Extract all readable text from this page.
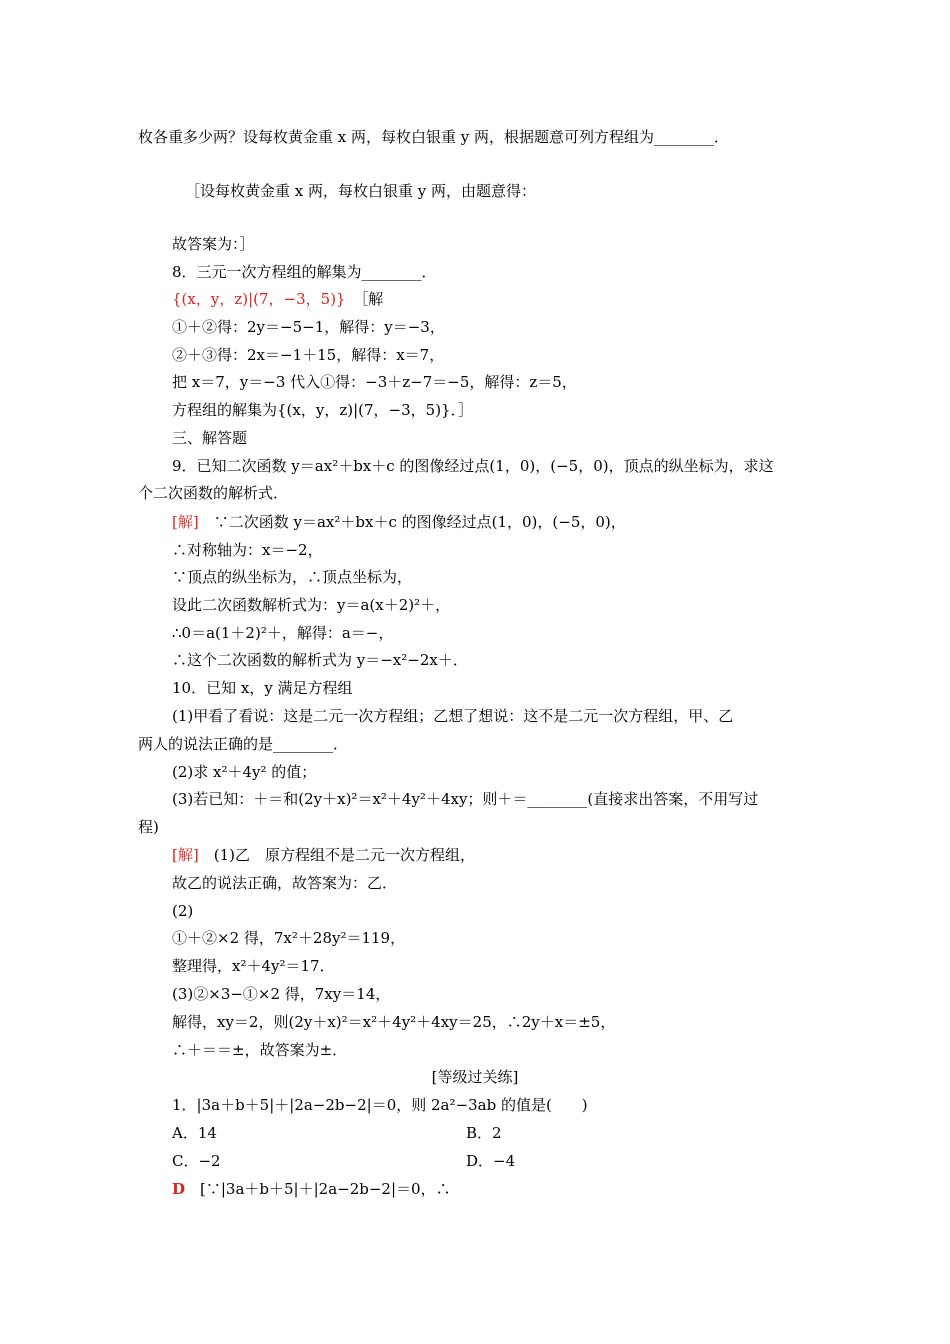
枚各重多少两？设每枚黄金重 x 两，每枚白银重 y 两，根据题意可列方程组为________．
［设每枚黄金重 x 两，每枚白银重 y 两，由题意得：
故答案为：］
8．三元一次方程组的解集为________．
{(x，y，z)|(7，−3，5)}　［解
①＋②得：2y＝−5−1，解得：y＝−3，
②＋③得：2x＝−1＋15，解得：x＝7，
把 x＝7，y＝−3 代入①得：−3＋z−7＝−5，解得：z＝5，
方程组的解集为{(x，y，z)|(7，−3，5)}．］
三、解答题
9．已知二次函数 y＝ax²＋bx＋c 的图像经过点(1，0)，(−5，0)，顶点的纵坐标为，求这
个二次函数的解析式．
[解]　∵二次函数 y＝ax²＋bx＋c 的图像经过点(1，0)，(−5，0)，
∴对称轴为：x＝−2，
∵顶点的纵坐标为，∴顶点坐标为，
设此二次函数解析式为：y＝a(x＋2)²＋，
∴0＝a(1＋2)²＋，解得：a＝−，
∴这个二次函数的解析式为 y＝−x²−2x＋．
10．已知 x，y 满足方程组
(1)甲看了看说：这是二元一次方程组；乙想了想说：这不是二元一次方程组，甲、乙
两人的说法正确的是________．
(2)求 x²＋4y² 的值；
(3)若已知：＋＝和(2y＋x)²＝x²＋4y²＋4xy；则＋＝________(直接求出答案，不用写过
程)
[解]　(1)乙　原方程组不是二元一次方程组，
故乙的说法正确，故答案为：乙．
(2)
①＋②×2 得，7x²＋28y²＝119，
整理得，x²＋4y²＝17．
(3)②×3−①×2 得，7xy＝14，
解得，xy＝2，则(2y＋x)²＝x²＋4y²＋4xy＝25，∴2y＋x＝±5，
∴＋＝＝±，故答案为±．
[等级过关练]
1．|3a＋b＋5|＋|2a−2b−2|＝0，则 2a²−3ab 的值是(　　)
A．14	B．2
C．−2	D．−4
D　[∵|3a＋b＋5|＋|2a−2b−2|＝0，∴
